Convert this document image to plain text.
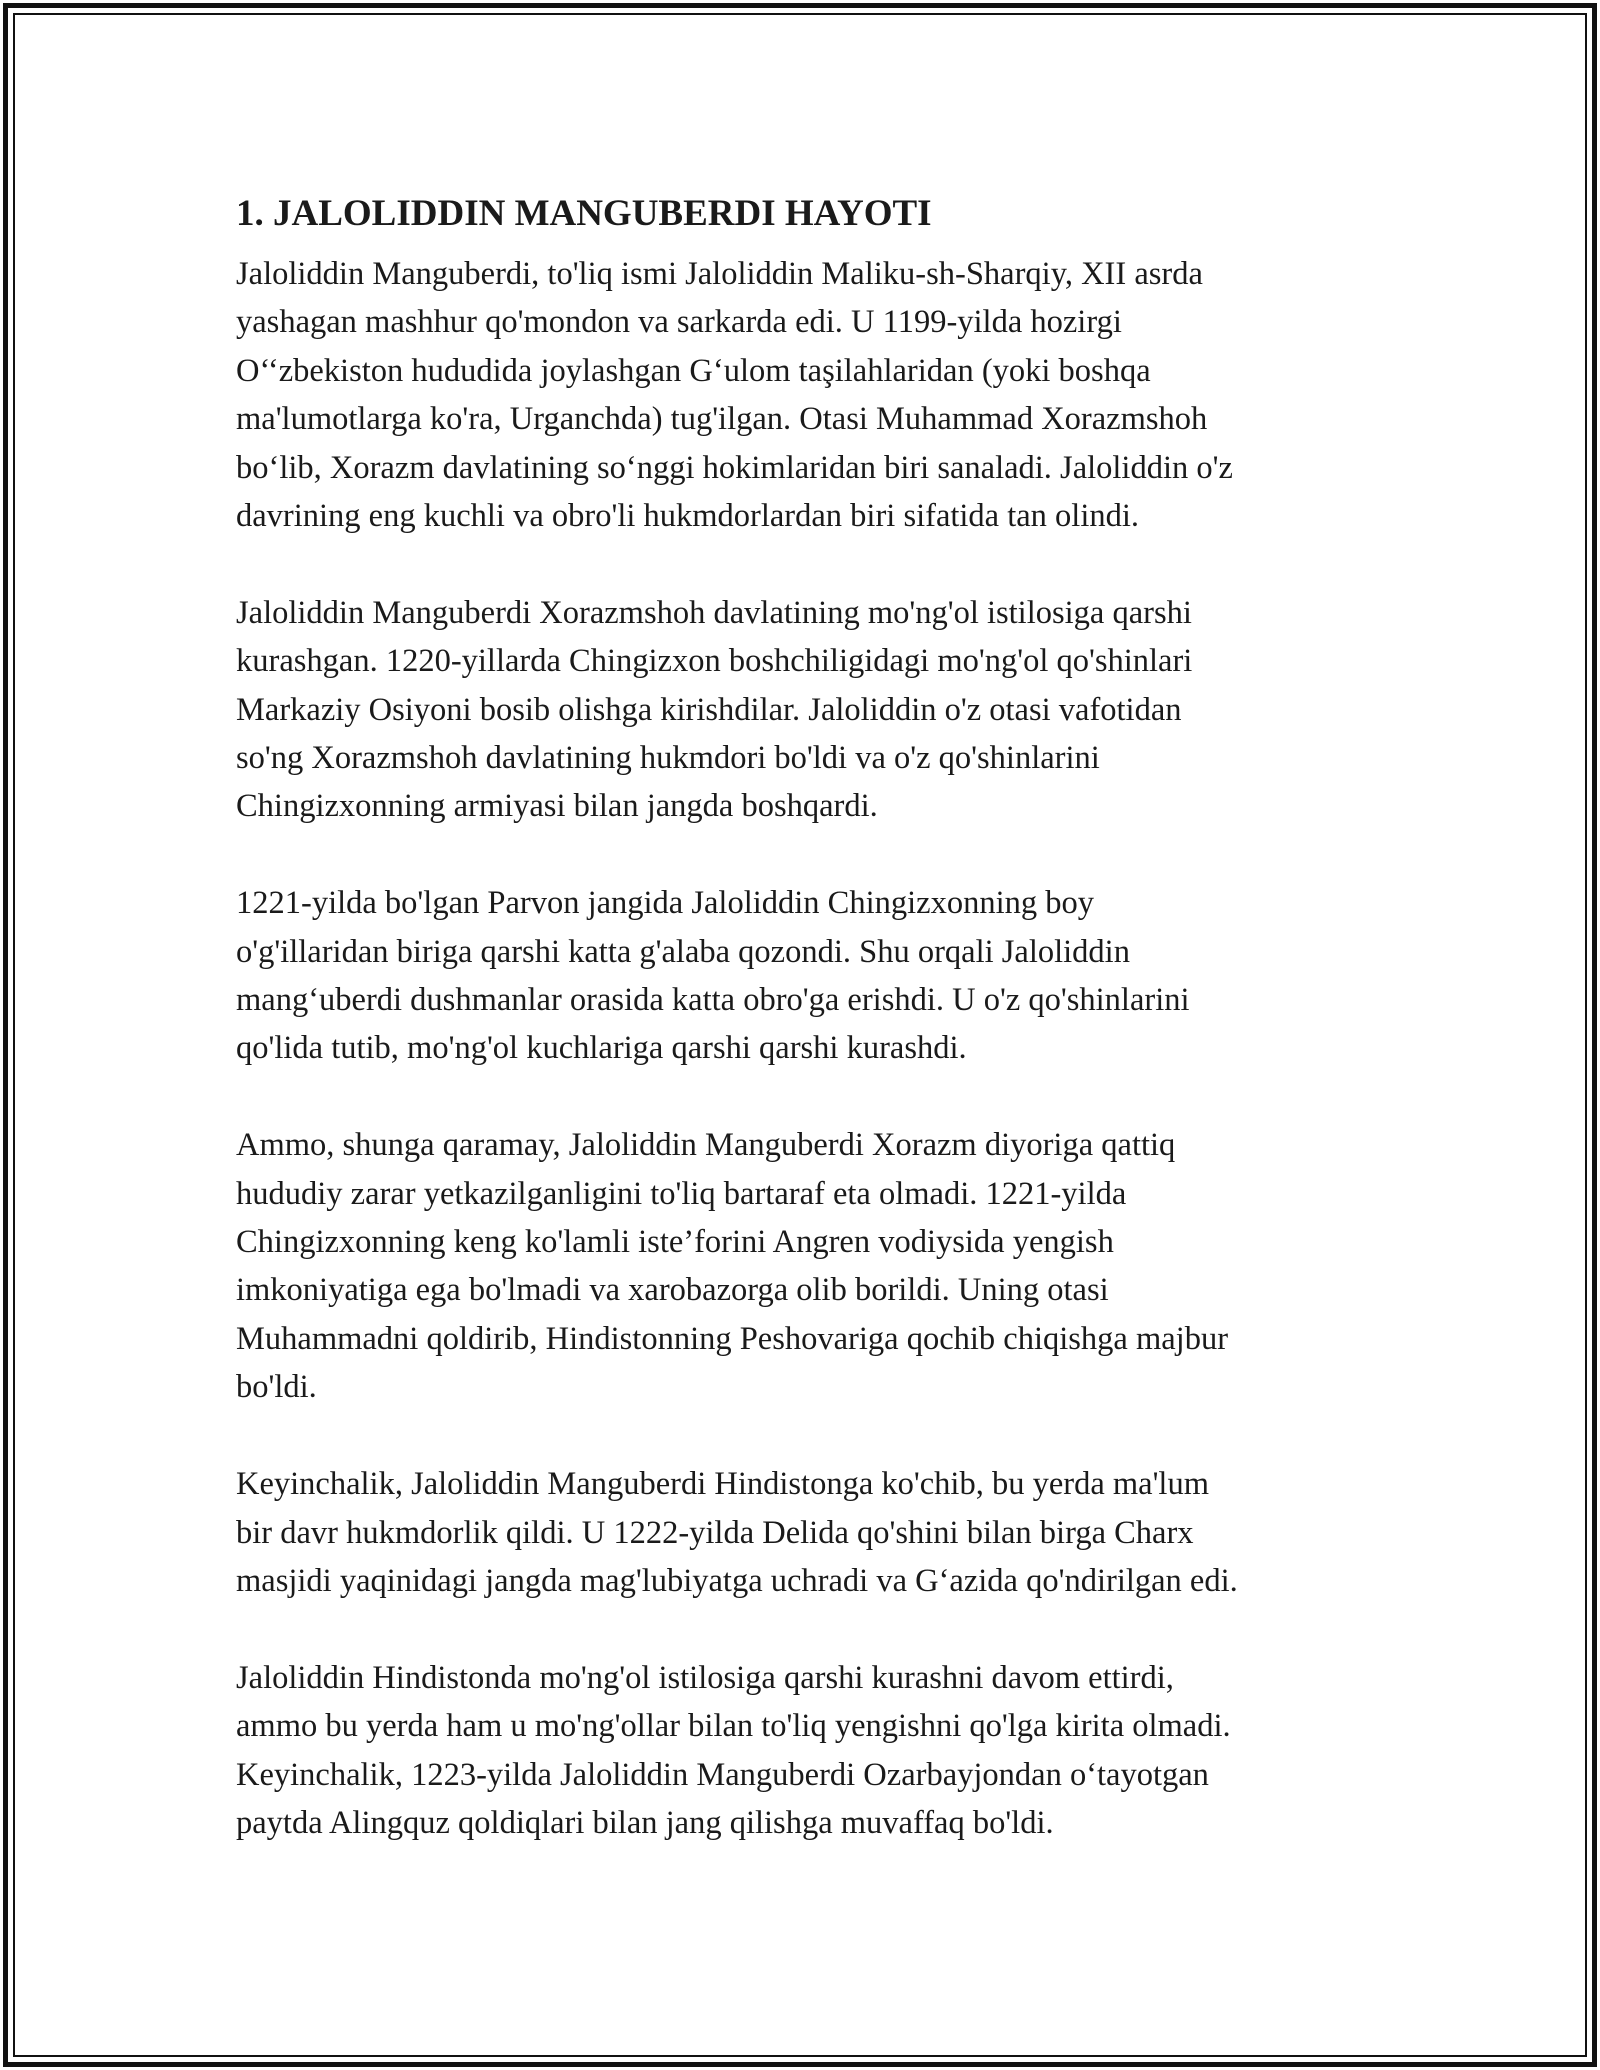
1. JALOLIDDIN MANGUBERDI HAYOTI
Jaloliddin Manguberdi, to'liq ismi Jaloliddin Maliku-sh-Sharqiy, XII asrda
yashagan mashhur qo'mondon va sarkarda edi. U 1199-yilda hozirgi
O‘‘zbekiston hududida joylashgan G‘ulom taşilahlaridan (yoki boshqa
ma'lumotlarga ko'ra, Urganchda) tug'ilgan. Otasi Muhammad Xorazmshoh
bo‘lib, Xorazm davlatining so‘nggi hokimlaridan biri sanaladi. Jaloliddin o'z
davrining eng kuchli va obro'li hukmdorlardan biri sifatida tan olindi.
Jaloliddin Manguberdi Xorazmshoh davlatining mo'ng'ol istilosiga qarshi
kurashgan. 1220-yillarda Chingizxon boshchiligidagi mo'ng'ol qo'shinlari
Markaziy Osiyoni bosib olishga kirishdilar. Jaloliddin o'z otasi vafotidan
so'ng Xorazmshoh davlatining hukmdori bo'ldi va o'z qo'shinlarini
Chingizxonning armiyasi bilan jangda boshqardi.
1221-yilda bo'lgan Parvon jangida Jaloliddin Chingizxonning boy
o'g'illaridan biriga qarshi katta g'alaba qozondi. Shu orqali Jaloliddin
mang‘uberdi dushmanlar orasida katta obro'ga erishdi. U o'z qo'shinlarini
qo'lida tutib, mo'ng'ol kuchlariga qarshi qarshi kurashdi.
Ammo, shunga qaramay, Jaloliddin Manguberdi Xorazm diyoriga qattiq
hududiy zarar yetkazilganligini to'liq bartaraf eta olmadi. 1221-yilda
Chingizxonning keng ko'lamli iste’forini Angren vodiysida yengish
imkoniyatiga ega bo'lmadi va xarobazorga olib borildi. Uning otasi
Muhammadni qoldirib, Hindistonning Peshovariga qochib chiqishga majbur
bo'ldi.
Keyinchalik, Jaloliddin Manguberdi Hindistonga ko'chib, bu yerda ma'lum
bir davr hukmdorlik qildi. U 1222-yilda Delida qo'shini bilan birga Charx
masjidi yaqinidagi jangda mag'lubiyatga uchradi va G‘azida qo'ndirilgan edi.
Jaloliddin Hindistonda mo'ng'ol istilosiga qarshi kurashni davom ettirdi,
ammo bu yerda ham u mo'ng'ollar bilan to'liq yengishni qo'lga kirita olmadi.
Keyinchalik, 1223-yilda Jaloliddin Manguberdi Ozarbayjondan o‘tayotgan
paytda Alingquz qoldiqlari bilan jang qilishga muvaffaq bo'ldi.
